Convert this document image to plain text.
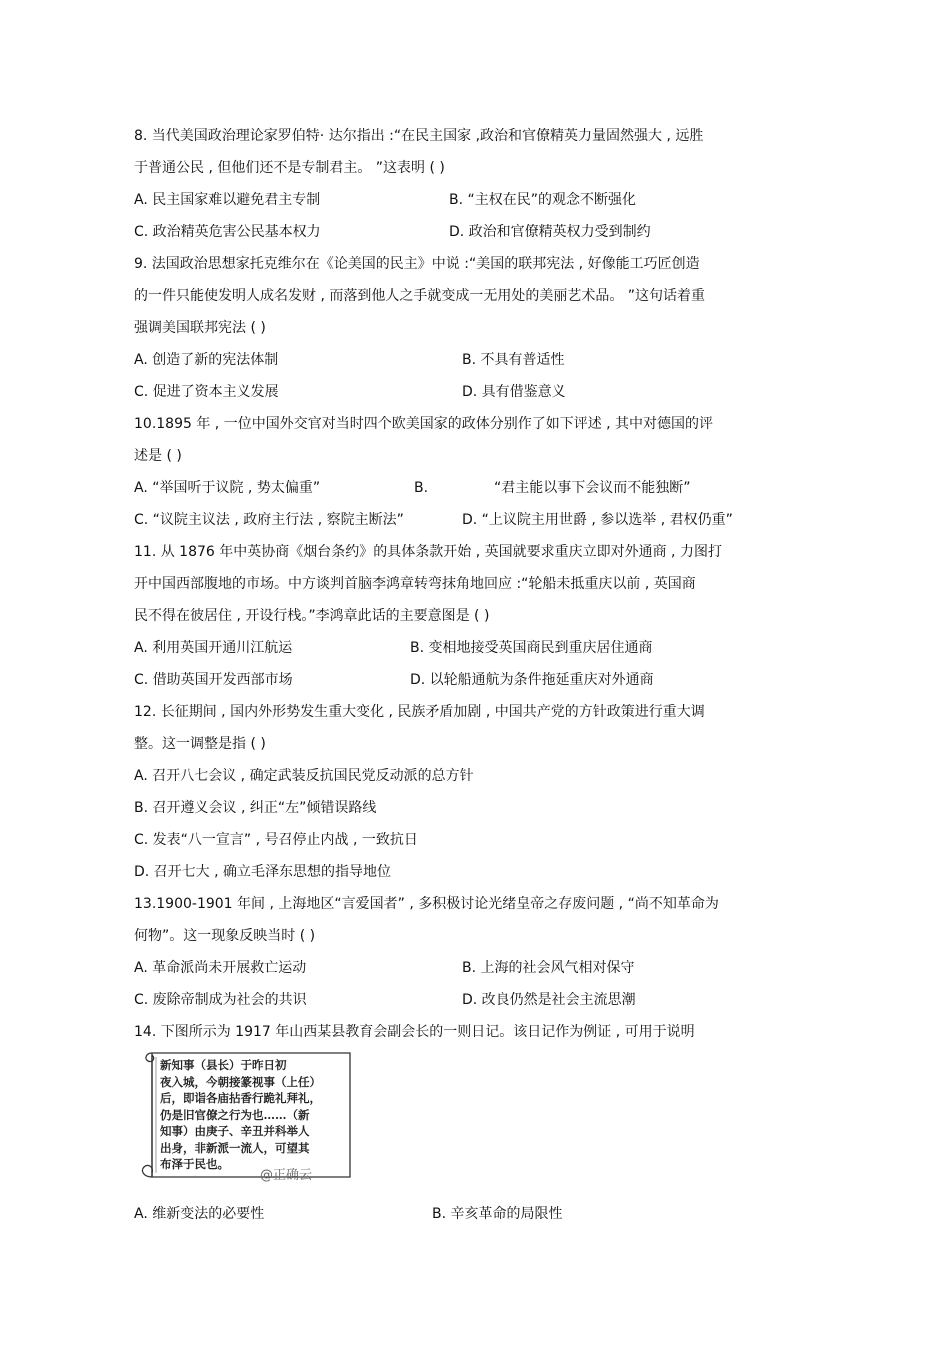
8. 当代美国政治理论家罗伯特· 达尔指出 :“在民主国家 ,政治和官僚精英力量固然强大 , 远胜
于普通公民 , 但他们还不是专制君主。 ”这表明 ( )
A. 民主国家难以避免君主专制	B. “主权在民”的观念不断强化
C. 政治精英危害公民基本权力	D. 政治和官僚精英权力受到制约
9. 法国政治思想家托克维尔在《论美国的民主》中说 :“美国的联邦宪法 , 好像能工巧匠创造
的一件只能使发明人成名发财 , 而落到他人之手就变成一无用处的美丽艺术品。 ”这句话着重
强调美国联邦宪法 ( )
A. 创造了新的宪法体制	B. 不具有普适性
C. 促进了资本主义发展	D. 具有借鉴意义
10.1895 年 , 一位中国外交官对当时四个欧美国家的政体分别作了如下评述 , 其中对德国的评
述是 ( )
A. “举国听于议院 , 势太偏重”	B.	“君主能以事下会议而不能独断”
C. “议院主议法 , 政府主行法 , 察院主断法”	D. “上议院主用世爵 , 参以选举 , 君权仍重”
11. 从 1876 年中英协商《烟台条约》的具体条款开始 , 英国就要求重庆立即对外通商 , 力图打
开中国西部腹地的市场。中方谈判首脑李鸿章转弯抹角地回应 :“轮船未抵重庆以前 , 英国商
民不得在彼居住 , 开设行栈。”李鸿章此话的主要意图是 ( )
A. 利用英国开通川江航运	B. 变相地接受英国商民到重庆居住通商
C. 借助英国开发西部市场	D. 以轮船通航为条件拖延重庆对外通商
12. 长征期间 , 国内外形势发生重大变化 , 民族矛盾加剧 , 中国共产党的方针政策进行重大调
整。这一调整是指 ( )
A. 召开八七会议 , 确定武装反抗国民党反动派的总方针
B. 召开遵义会议 , 纠正“左”倾错误路线
C. 发表“八一宣言” , 号召停止内战 , 一致抗日
D. 召开七大 , 确立毛泽东思想的指导地位
13.1900-1901 年间 , 上海地区“言爱国者” , 多积极讨论光绪皇帝之存废问题 , “尚不知革命为
何物”。这一现象反映当时 ( )
A. 革命派尚未开展救亡运动	B. 上海的社会风气相对保守
C. 废除帝制成为社会的共识	D. 改良仍然是社会主流思潮
14. 下图所示为 1917 年山西某县教育会副会长的一则日记。该日记作为例证 , 可用于说明
新知事（县长）于昨日初
夜入城，今朝接篆视事（上任）
后，即诣各庙拈香行跪礼拜礼，
仍是旧官僚之行为也……（新
知事）由庚子、辛丑并科举人
出身，非新派一流人，可望其
布泽于民也。
@正确云
A. 维新变法的必要性	B. 辛亥革命的局限性
